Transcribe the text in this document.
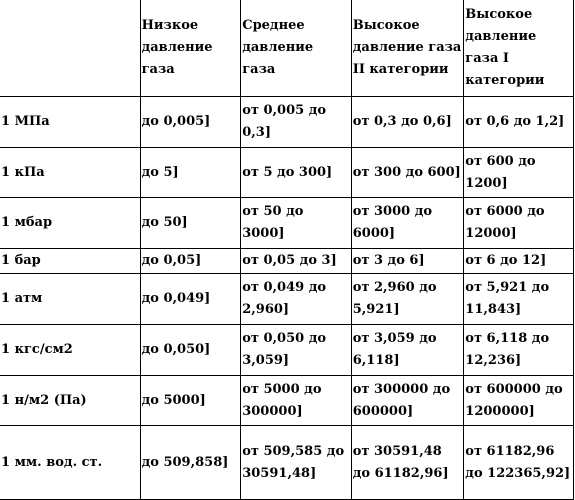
	Низкое давление газа	Среднее давление газа	Высокое давление газа II категории	Высокое давление газа I категории
1 МПа	до 0,005]	от 0,005 до 0,3]	от 0,3 до 0,6]	от 0,6 до 1,2]
1 кПа	до 5]	от 5 до 300]	от 300 до 600]	от 600 до 1200]
1 мбар	до 50]	от 50 до 3000]	от 3000 до 6000]	от 6000 до 12000]
1 бар	до 0,05]	от 0,05 до 3]	от 3 до 6]	от 6 до 12]
1 атм	до 0,049]	от 0,049 до 2,960]	от 2,960 до 5,921]	от 5,921 до 11,843]
1 кгс/см2	до 0,050]	от 0,050 до 3,059]	от 3,059 до 6,118]	от 6,118 до 12,236]
1 н/м2 (Па)	до 5000]	от 5000 до 300000]	от 300000 до 600000]	от 600000 до 1200000]
1 мм. вод. ст.	до 509,858]	от 509,585 до 30591,48]	от 30591,48 до 61182,96]	от 61182,96 до 122365,92]
